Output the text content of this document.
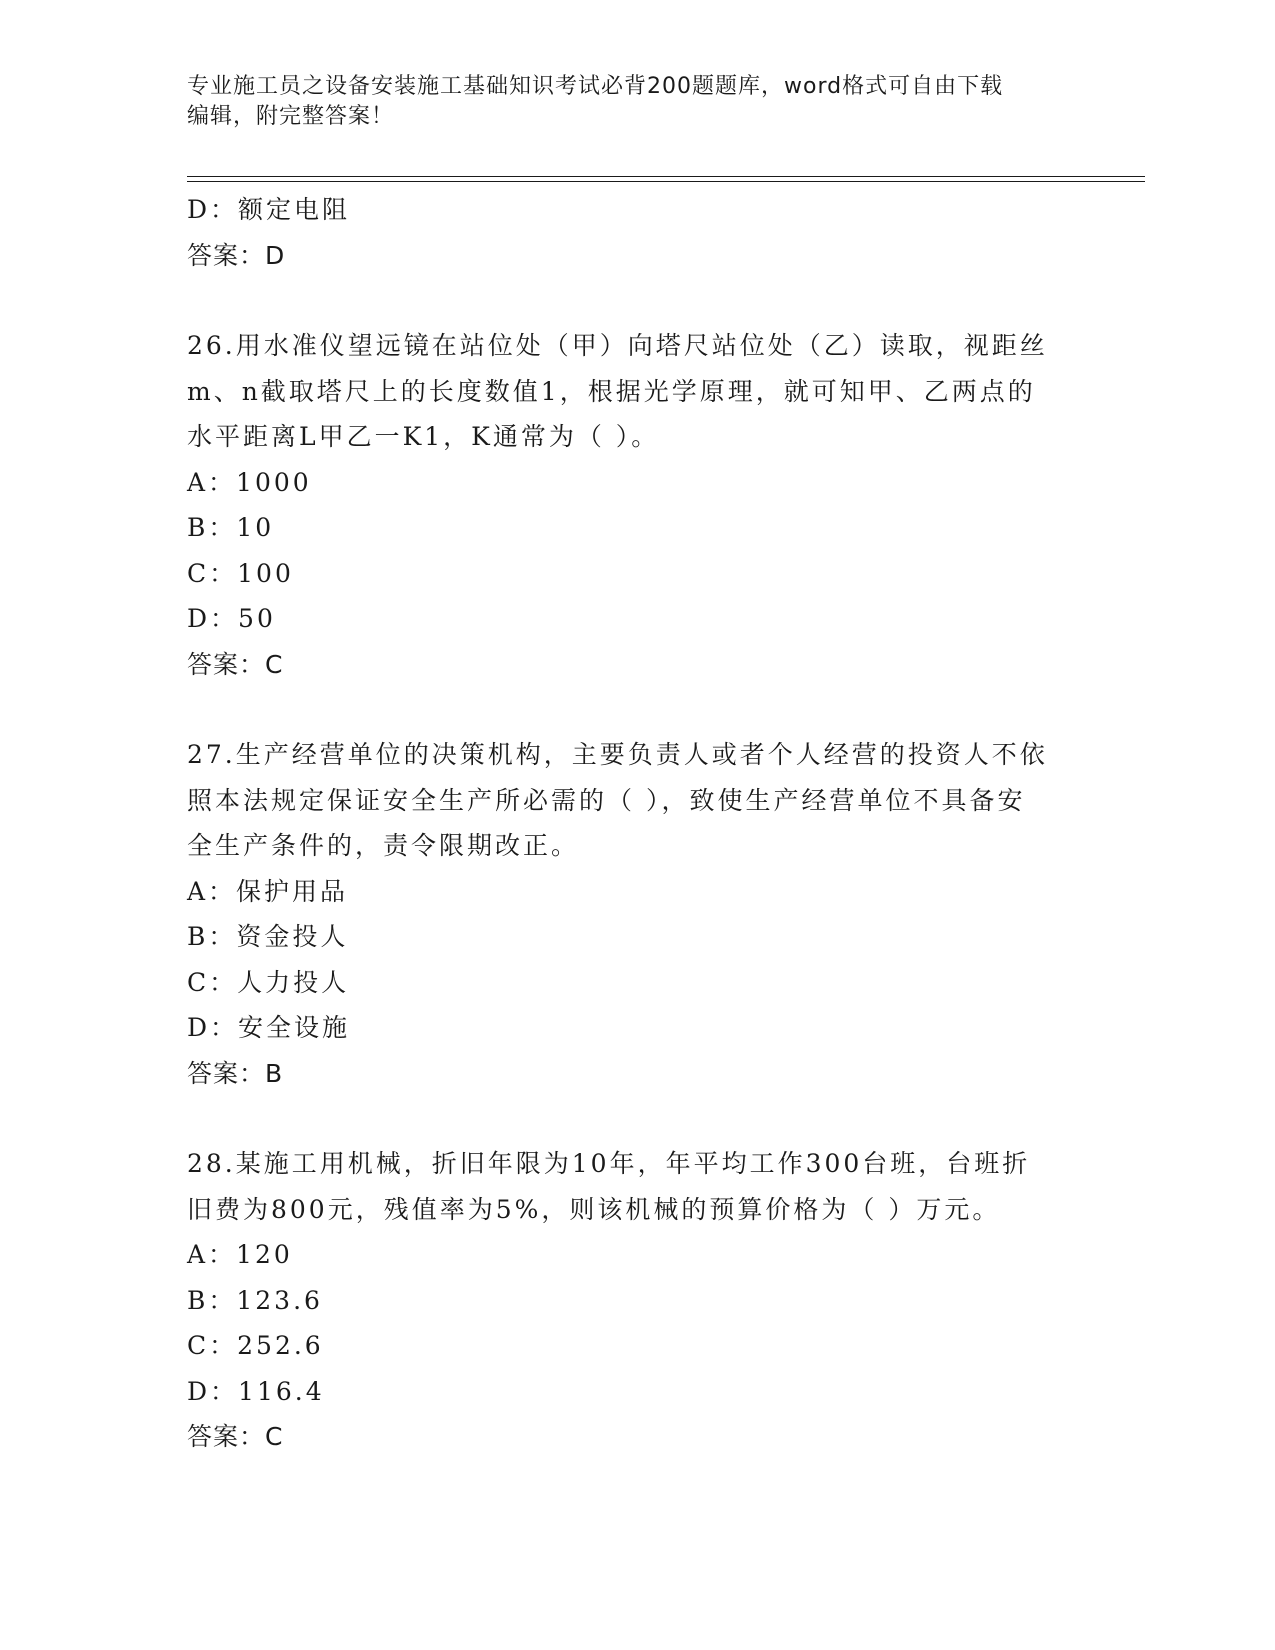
专业施工员之设备安装施工基础知识考试必背200题题库，word格式可自由下载
编辑，附完整答案！
D：额定电阻
答案：D
26.用水准仪望远镜在站位处（甲）向塔尺站位处（乙）读取，视距丝
m、n截取塔尺上的长度数值1，根据光学原理，就可知甲、乙两点的
水平距离L甲乙一K1，K通常为（ ）。
A：1000
B：10
C：100
D：50
答案：C
27.生产经营单位的决策机构，主要负责人或者个人经营的投资人不依
照本法规定保证安全生产所必需的（ ），致使生产经营单位不具备安
全生产条件的，责令限期改正。
A：保护用品
B：资金投人
C：人力投人
D：安全设施
答案：B
28.某施工用机械，折旧年限为10年，年平均工作300台班，台班折
旧费为800元，残值率为5%，则该机械的预算价格为（ ）万元。
A：120
B：123.6
C：252.6
D：116.4
答案：C
